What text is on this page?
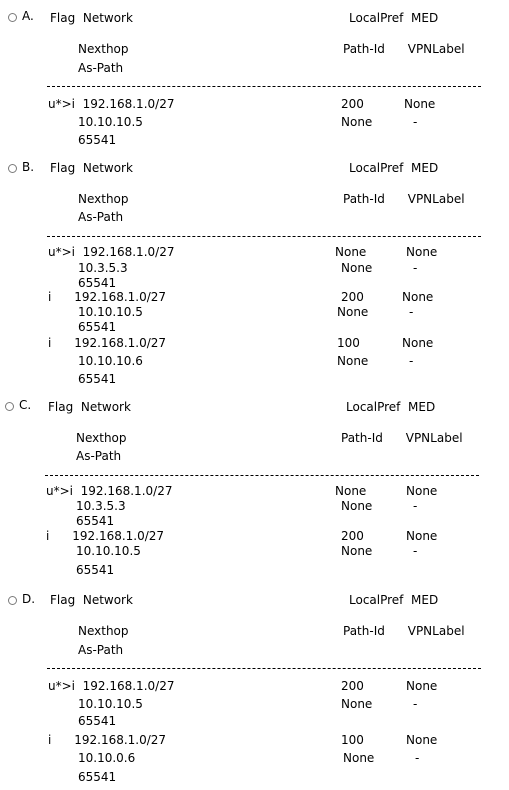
A. Flag  Network	LocalPref  MED
Nexthop	Path-Id      VPNLabel
As-Path
u*>i  192.168.1.0/27	200	None
10.10.10.5	None	-
65541
B. Flag  Network	LocalPref  MED
Nexthop	Path-Id      VPNLabel
As-Path
u*>i  192.168.1.0/27	None	None
10.3.5.3	None	-
65541
i      192.168.1.0/27	200	None
10.10.10.5	None	-
65541
i      192.168.1.0/27	100	None
10.10.10.6	None	-
65541
C. Flag  Network	LocalPref  MED
Nexthop	Path-Id      VPNLabel
As-Path
u*>i  192.168.1.0/27	None	None
10.3.5.3	None	-
65541
i      192.168.1.0/27	200	None
10.10.10.5	None	-
65541
D. Flag  Network	LocalPref  MED
Nexthop	Path-Id      VPNLabel
As-Path
u*>i  192.168.1.0/27	200	None
10.10.10.5	None	-
65541
i      192.168.1.0/27	100	None
10.10.0.6	None	-
65541
